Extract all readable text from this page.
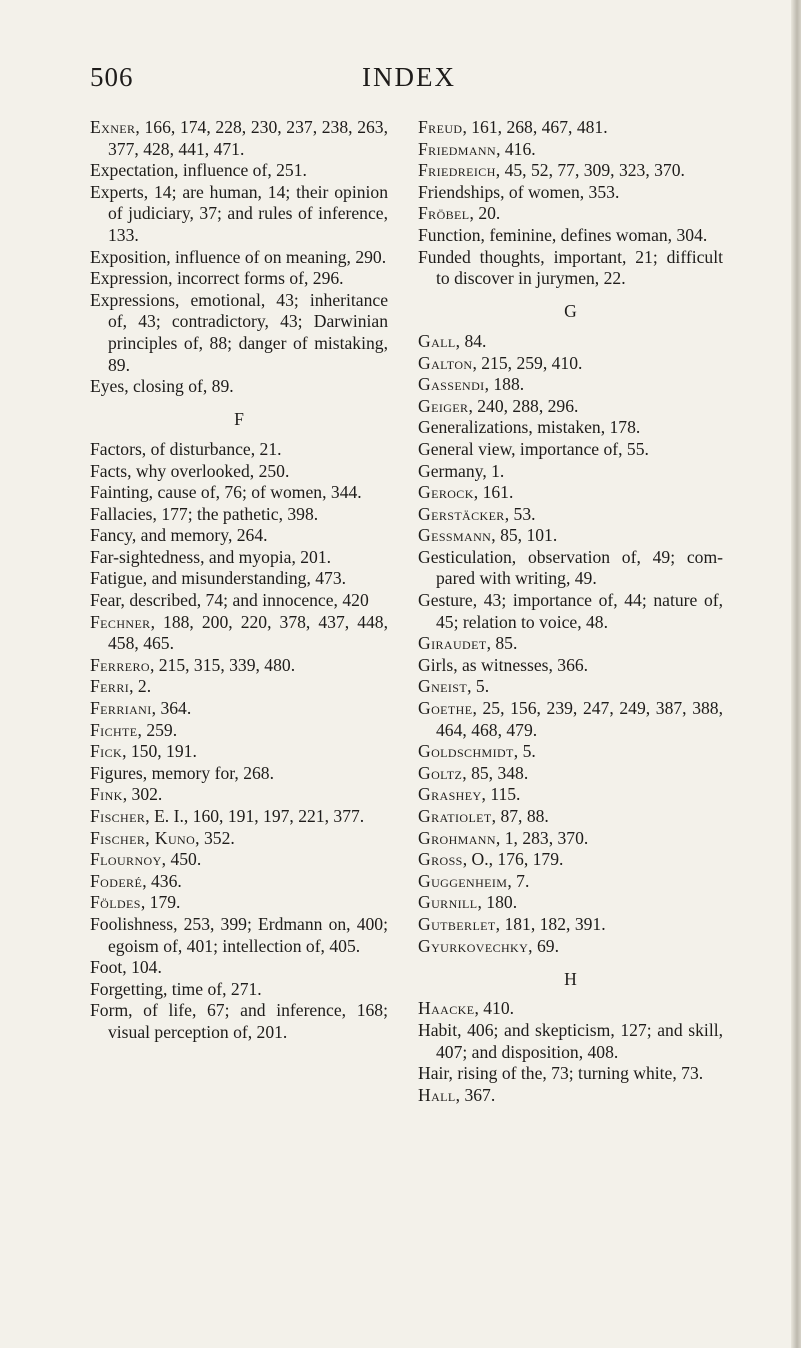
506	INDEX
Exner, 166, 174, 228, 230, 237, 238, 263, 377, 428, 441, 471.
Expectation, influence of, 251.
Experts, 14; are human, 14; their opinion of judiciary, 37; and rules of inference, 133.
Exposition, influence of on meaning, 290.
Expression, incorrect forms of, 296.
Expressions, emotional, 43; inheritance of, 43; contradictory, 43; Darwinian principles of, 88; danger of mistaking, 89.
Eyes, closing of, 89.
F
Factors, of disturbance, 21.
Facts, why overlooked, 250.
Fainting, cause of, 76; of women, 344.
Fallacies, 177; the pathetic, 398.
Fancy, and memory, 264.
Far-sightedness, and myopia, 201.
Fatigue, and misunderstanding, 473.
Fear, described, 74; and innocence, 420
Fechner, 188, 200, 220, 378, 437, 448, 458, 465.
Ferrero, 215, 315, 339, 480.
Ferri, 2.
Ferriani, 364.
Fichte, 259.
Fick, 150, 191.
Figures, memory for, 268.
Fink, 302.
Fischer, E. I., 160, 191, 197, 221, 377.
Fischer, Kuno, 352.
Flournoy, 450.
Foderé, 436.
Földes, 179.
Foolishness, 253, 399; Erdmann on, 400; egoism of, 401; intellection of, 405.
Foot, 104.
Forgetting, time of, 271.
Form, of life, 67; and inference, 168; visual perception of, 201.
Freud, 161, 268, 467, 481.
Friedmann, 416.
Friedreich, 45, 52, 77, 309, 323, 370.
Friendships, of women, 353.
Fröbel, 20.
Function, feminine, defines woman, 304.
Funded thoughts, important, 21; difficult to discover in jurymen, 22.
G
Gall, 84.
Galton, 215, 259, 410.
Gassendi, 188.
Geiger, 240, 288, 296.
Generalizations, mistaken, 178.
General view, importance of, 55.
Germany, 1.
Gerock, 161.
Gerstäcker, 53.
Gessmann, 85, 101.
Gesticulation, observation of, 49; compared with writing, 49.
Gesture, 43; importance of, 44; nature of, 45; relation to voice, 48.
Giraudet, 85.
Girls, as witnesses, 366.
Gneist, 5.
Goethe, 25, 156, 239, 247, 249, 387, 388, 464, 468, 479.
Goldschmidt, 5.
Goltz, 85, 348.
Grashey, 115.
Gratiolet, 87, 88.
Grohmann, 1, 283, 370.
Gross, O., 176, 179.
Guggenheim, 7.
Gurnill, 180.
Gutberlet, 181, 182, 391.
Gyurkovechky, 69.
H
Haacke, 410.
Habit, 406; and skepticism, 127; and skill, 407; and disposition, 408.
Hair, rising of the, 73; turning white, 73.
Hall, 367.
